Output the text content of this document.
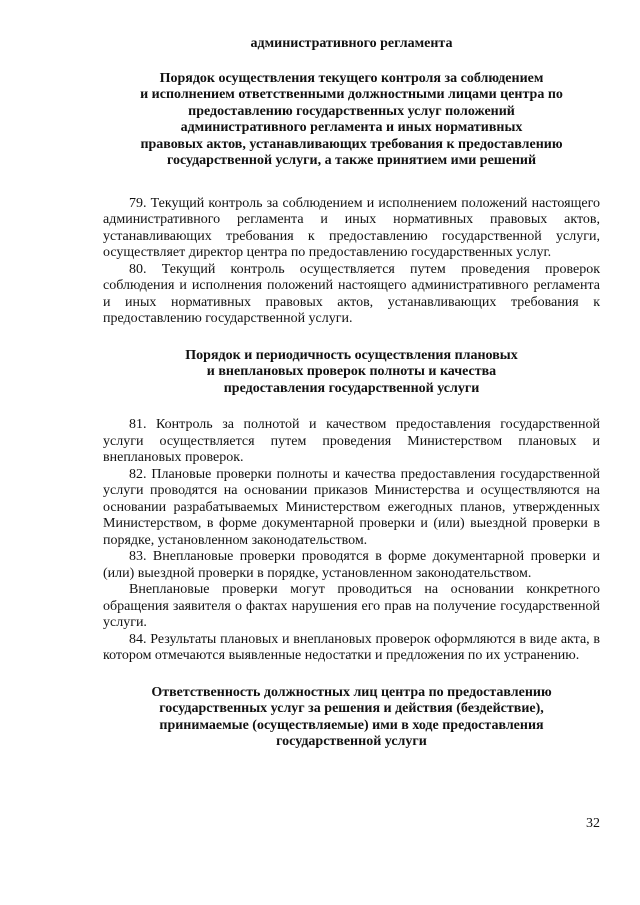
административного регламента
Порядок осуществления текущего контроля за соблюдением
и исполнением ответственными должностными лицами центра по
предоставлению государственных услуг положений
административного регламента и иных нормативных
правовых актов, устанавливающих требования к предоставлению
государственной услуги, а также принятием ими решений

79. Текущий контроль за соблюдением и исполнением положений настоящего административного регламента и иных нормативных правовых актов, устанавливающих требования к предоставлению государственной услуги, осуществляет директор центра по предоставлению государственных услуг.

80. Текущий контроль осуществляется путем проведения проверок соблюдения и исполнения положений настоящего административного регламента и иных нормативных правовых актов, устанавливающих требования к предоставлению государственной услуги.

Порядок и периодичность осуществления плановых
и внеплановых проверок полноты и качества
предоставления государственной услуги

81. Контроль за полнотой и качеством предоставления государственной услуги осуществляется путем проведения Министерством плановых и внеплановых проверок.

82. Плановые проверки полноты и качества предоставления государственной услуги проводятся на основании приказов Министерства и осуществляются на основании разрабатываемых Министерством ежегодных планов, утвержденных Министерством, в форме документарной проверки и (или) выездной проверки в порядке, установленном законодательством.

83. Внеплановые проверки проводятся в форме документарной проверки и (или) выездной проверки в порядке, установленном законодательством.

Внеплановые проверки могут проводиться на основании конкретного обращения заявителя о фактах нарушения его прав на получение государственной услуги.

84. Результаты плановых и внеплановых проверок оформляются в виде акта, в котором отмечаются выявленные недостатки и предложения по их устранению.

Ответственность должностных лиц центра по предоставлению
государственных услуг за решения и действия (бездействие),
принимаемые (осуществляемые) ими в ходе предоставления
государственной услуги
32
